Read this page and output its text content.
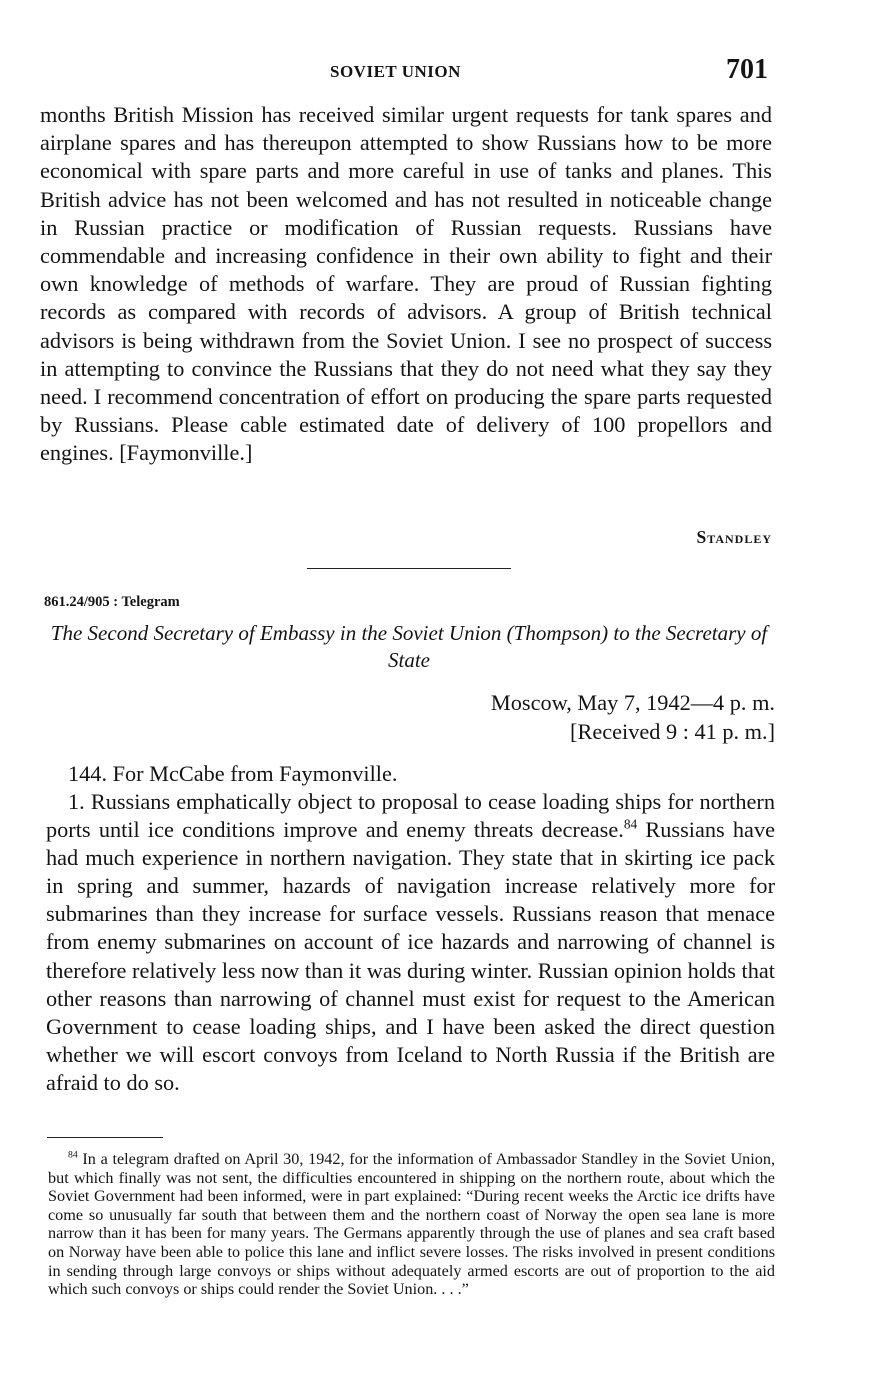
SOVIET UNION	701

months British Mission has received similar urgent requests for tank spares and airplane spares and has thereupon attempted to show Russians how to be more economical with spare parts and more careful in use of tanks and planes. This British advice has not been welcomed and has not resulted in noticeable change in Russian practice or modification of Russian requests. Russians have commendable and increasing confidence in their own ability to fight and their own knowledge of methods of warfare. They are proud of Russian fighting records as compared with records of advisors. A group of British technical advisors is being withdrawn from the Soviet Union. I see no prospect of success in attempting to convince the Russians that they do not need what they say they need. I recommend concentration of effort on producing the spare parts requested by Russians. Please cable estimated date of delivery of 100 propellors and engines. [Faymonville.]

Standley
861.24/905 : Telegram
The Second Secretary of Embassy in the Soviet Union (Thompson) to the Secretary of State
Moscow, May 7, 1942—4 p. m.
[Received 9 : 41 p. m.]
144. For McCabe from Faymonville.

1. Russians emphatically object to proposal to cease loading ships for northern ports until ice conditions improve and enemy threats decrease.$^{84}$ Russians have had much experience in northern navigation. They state that in skirting ice pack in spring and summer, hazards of navigation increase relatively more for submarines than they increase for surface vessels. Russians reason that menace from enemy submarines on account of ice hazards and narrowing of channel is therefore relatively less now than it was during winter. Russian opinion holds that other reasons than narrowing of channel must exist for request to the American Government to cease loading ships, and I have been asked the direct question whether we will escort convoys from Iceland to North Russia if the British are afraid to do so.

$^{84}$ In a telegram drafted on April 30, 1942, for the information of Ambassador Standley in the Soviet Union, but which finally was not sent, the difficulties encountered in shipping on the northern route, about which the Soviet Government had been informed, were in part explained: “During recent weeks the Arctic ice drifts have come so unusually far south that between them and the northern coast of Norway the open sea lane is more narrow than it has been for many years. The Germans apparently through the use of planes and sea craft based on Norway have been able to police this lane and inflict severe losses. The risks involved in present conditions in sending through large convoys or ships without adequately armed escorts are out of proportion to the aid which such convoys or ships could render the Soviet Union. . . .”
